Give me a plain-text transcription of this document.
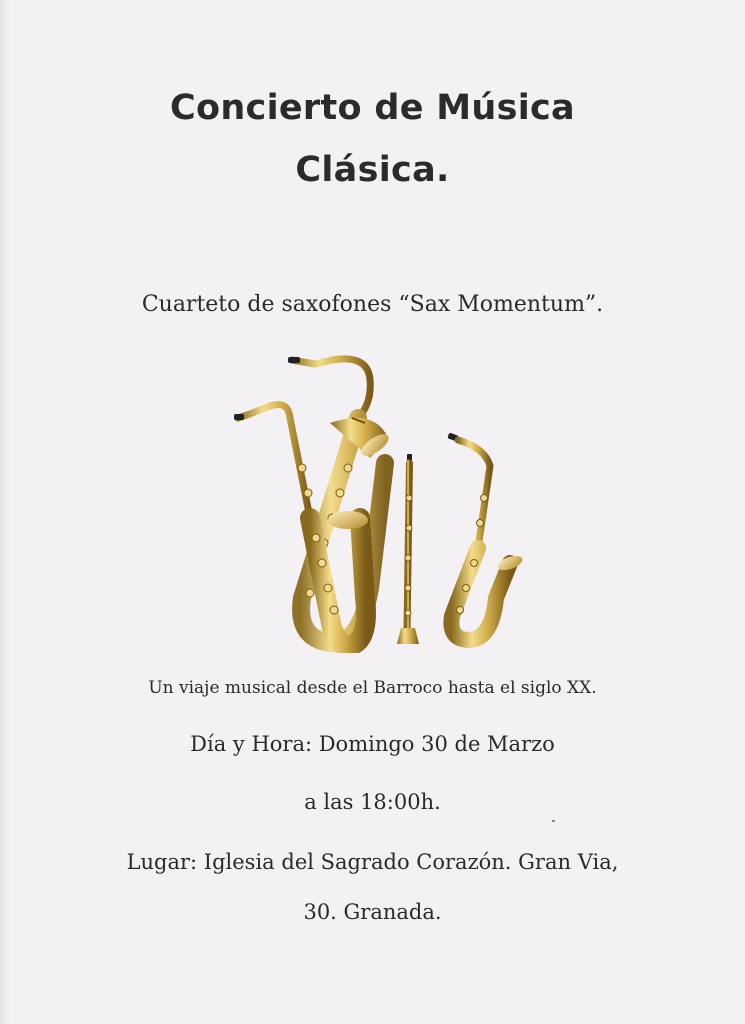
Concierto de Música
Clásica.
Cuarteto de saxofones “Sax Momentum”.
Un viaje musical desde el Barroco hasta el siglo XX.
Día y Hora: Domingo 30 de Marzo
a las 18:00h.
Lugar: Iglesia del Sagrado Corazón. Gran Via,
30. Granada.
